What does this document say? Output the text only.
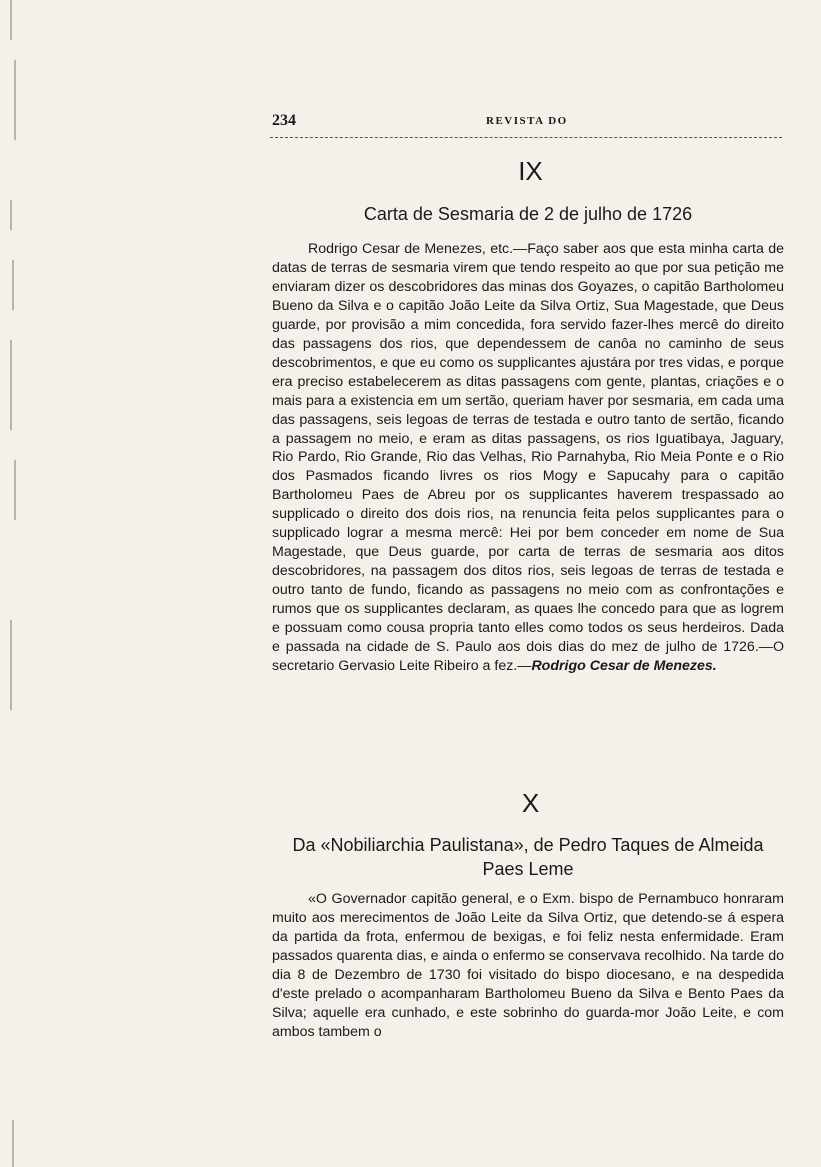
234	REVISTA DO
IX
Carta de Sesmaria de 2 de julho de 1726

Rodrigo Cesar de Menezes, etc.—Faço saber aos que esta minha carta de datas de terras de sesmaria virem que tendo respeito ao que por sua petição me enviaram dizer os descobridores das minas dos Goyazes, o capitão Bartholomeu Bueno da Silva e o capitão João Leite da Silva Ortiz, Sua Magestade, que Deus guarde, por provisão a mim concedida, fora servido fazer-lhes mercê do direito das passagens dos rios, que dependessem de canôa no caminho de seus descobrimentos, e que eu como os supplicantes ajustára por tres vidas, e porque era preciso estabelecerem as ditas passagens com gente, plantas, criações e o mais para a existencia em um sertão, queriam haver por sesmaria, em cada uma das passagens, seis legoas de terras de testada e outro tanto de sertão, ficando a passagem no meio, e eram as ditas passagens, os rios Iguatibaya, Jaguary, Rio Pardo, Rio Grande, Rio das Velhas, Rio Parnahyba, Rio Meia Ponte e o Rio dos Pasmados ficando livres os rios Mogy e Sapucahy para o capitão Bartholomeu Paes de Abreu por os supplicantes haverem trespassado ao supplicado o direito dos dois rios, na renuncia feita pelos supplicantes para o supplicado lograr a mesma mercê: Hei por bem conceder em nome de Sua Magestade, que Deus guarde, por carta de terras de sesmaria aos ditos descobridores, na passagem dos ditos rios, seis legoas de terras de testada e outro tanto de fundo, ficando as passagens no meio com as confrontações e rumos que os supplicantes declaram, as quaes lhe concedo para que as logrem e possuam como cousa propria tanto elles como todos os seus herdeiros. Dada e passada na cidade de S. Paulo aos dois dias do mez de julho de 1726.—O secretario Gervasio Leite Ribeiro a fez.—Rodrigo Cesar de Menezes.

X
Da «Nobiliarchia Paulistana», de Pedro Taques de Almeida Paes Leme

«O Governador capitão general, e o Exm. bispo de Pernambuco honraram muito aos merecimentos de João Leite da Silva Ortiz, que detendo-se á espera da partida da frota, enfermou de bexigas, e foi feliz nesta enfermidade. Eram passados quarenta dias, e ainda o enfermo se conservava recolhido. Na tarde do dia 8 de Dezembro de 1730 foi visitado do bispo diocesano, e na despedida d'este prelado o acompanharam Bartholomeu Bueno da Silva e Bento Paes da Silva; aquelle era cunhado, e este sobrinho do guarda-mor João Leite, e com ambos tambem o
